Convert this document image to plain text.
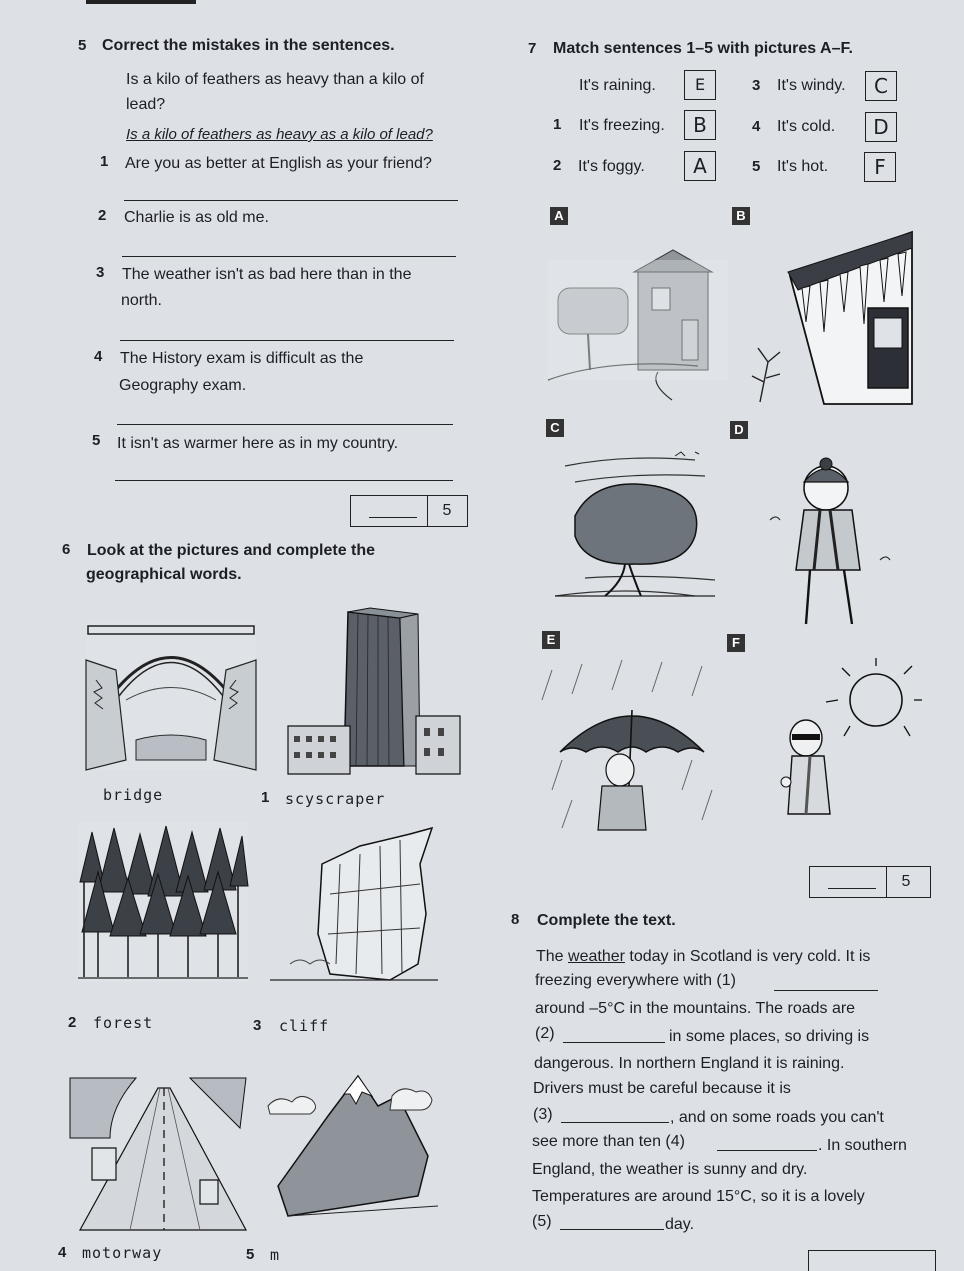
5 Correct the mistakes in the sentences.
Is a kilo of feathers as heavy than a kilo of
lead?
Is a kilo of feathers as heavy as a kilo of lead?
1 Are you as better at English as your friend?
2 Charlie is as old me.
3 The weather isn't as bad here than in the
north.
4 The History exam is difficult as the
Geography exam.
5 It isn't as warmer here as in my country.
5
6 Look at the pictures and complete the
geographical words.
bridge	1 scyscraper
2 forest	3 cliff
4 motorway	5 m
7 Match sentences 1–5 with pictures A–F.
It's raining.	E
1 It's freezing.	B
2 It's foggy.	A
3 It's windy.	C
4 It's cold.	D
5 It's hot.	F
A	B
C	D
E	F
5
8 Complete the text.
The weather today in Scotland is very cold. It is
freezing everywhere with (1)
around –5°C in the mountains. The roads are
(2)	in some places, so driving is
dangerous. In northern England it is raining.
Drivers must be careful because it is
(3)	, and on some roads you can't
see more than ten (4)	. In southern
England, the weather is sunny and dry.
Temperatures are around 15°C, so it is a lovely
(5)	day.
